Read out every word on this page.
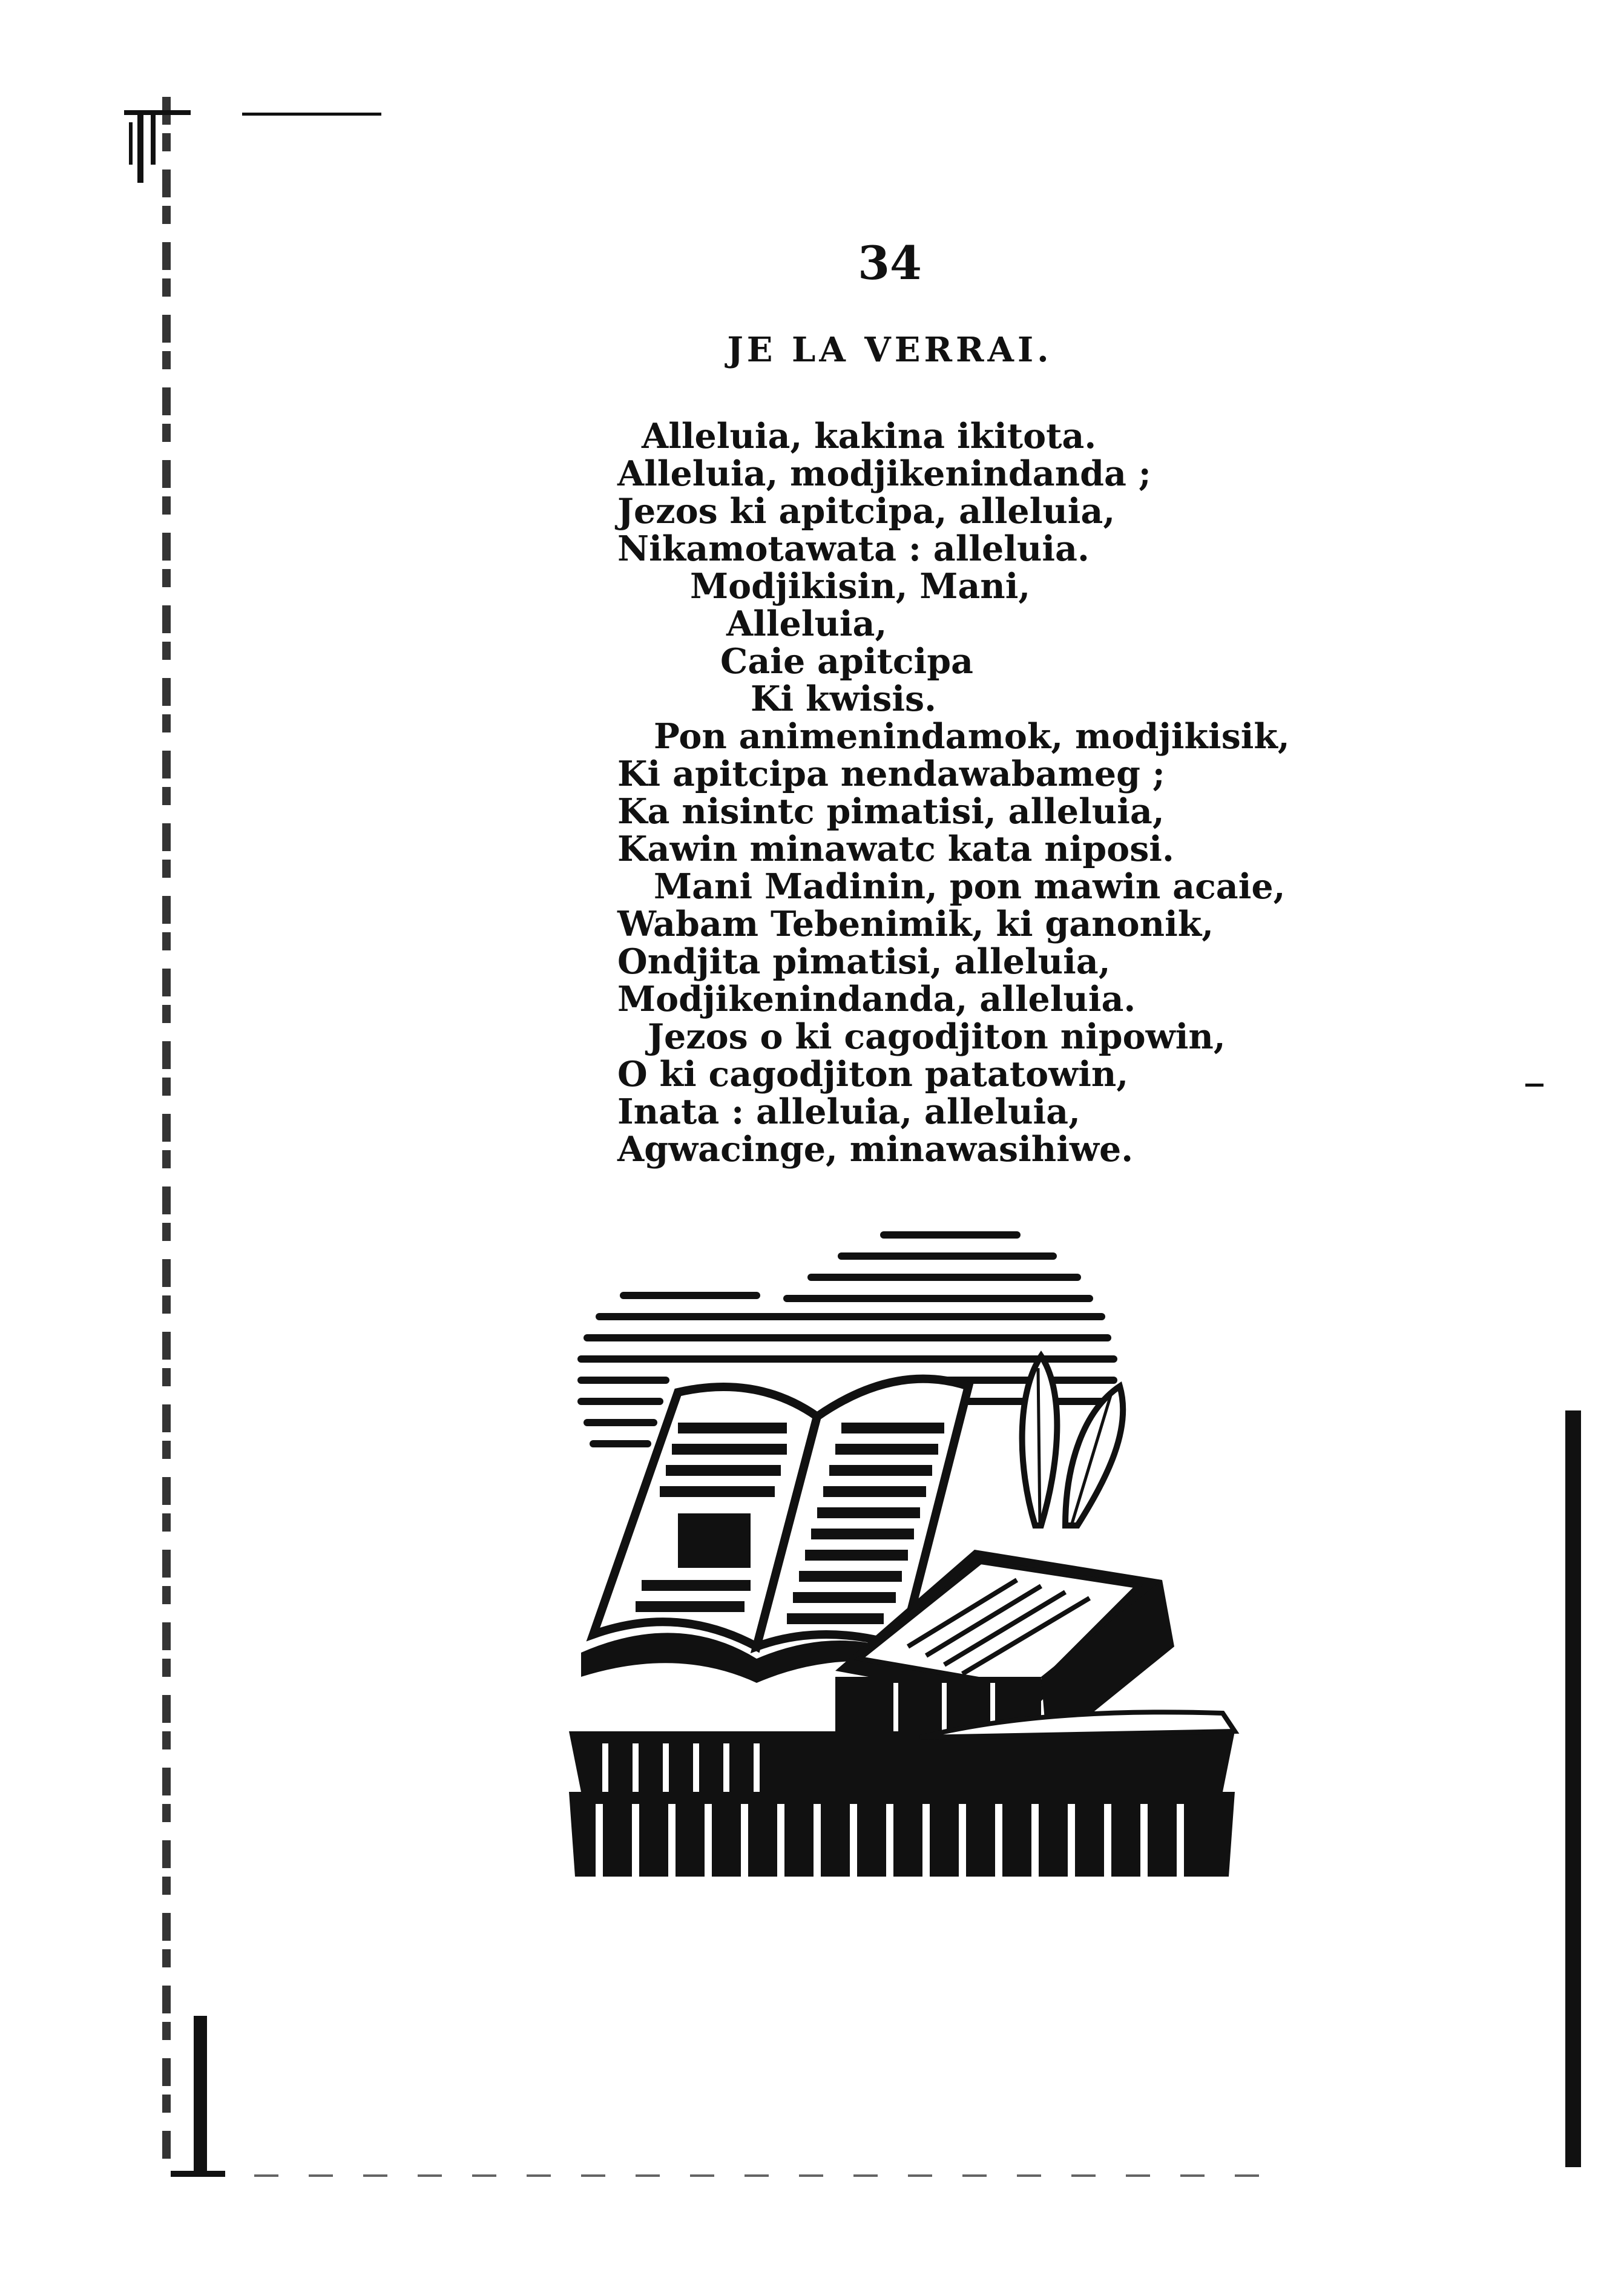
34
JE LA VERRAI.
Alleluia, kakina ikitota.
Alleluia, modjikenindanda ;
Jezos ki apitcipa, alleluia,
Nikamotawata : alleluia.
Modjikisin, Mani,
Alleluia,
Caie apitcipa
Ki kwisis.
Pon animenindamok, modjikisik,
Ki apitcipa nendawabameg ;
Ka nisintc pimatisi, alleluia,
Kawin minawatc kata niposi.
Mani Madinin, pon mawin acaie,
Wabam Tebenimik, ki ganonik,
Ondjita pimatisi, alleluia,
Modjikenindanda, alleluia.
Jezos o ki cagodjiton nipowin,
O ki cagodjiton patatowin,
Inata : alleluia, alleluia,
Agwacinge, minawasihiwe.
